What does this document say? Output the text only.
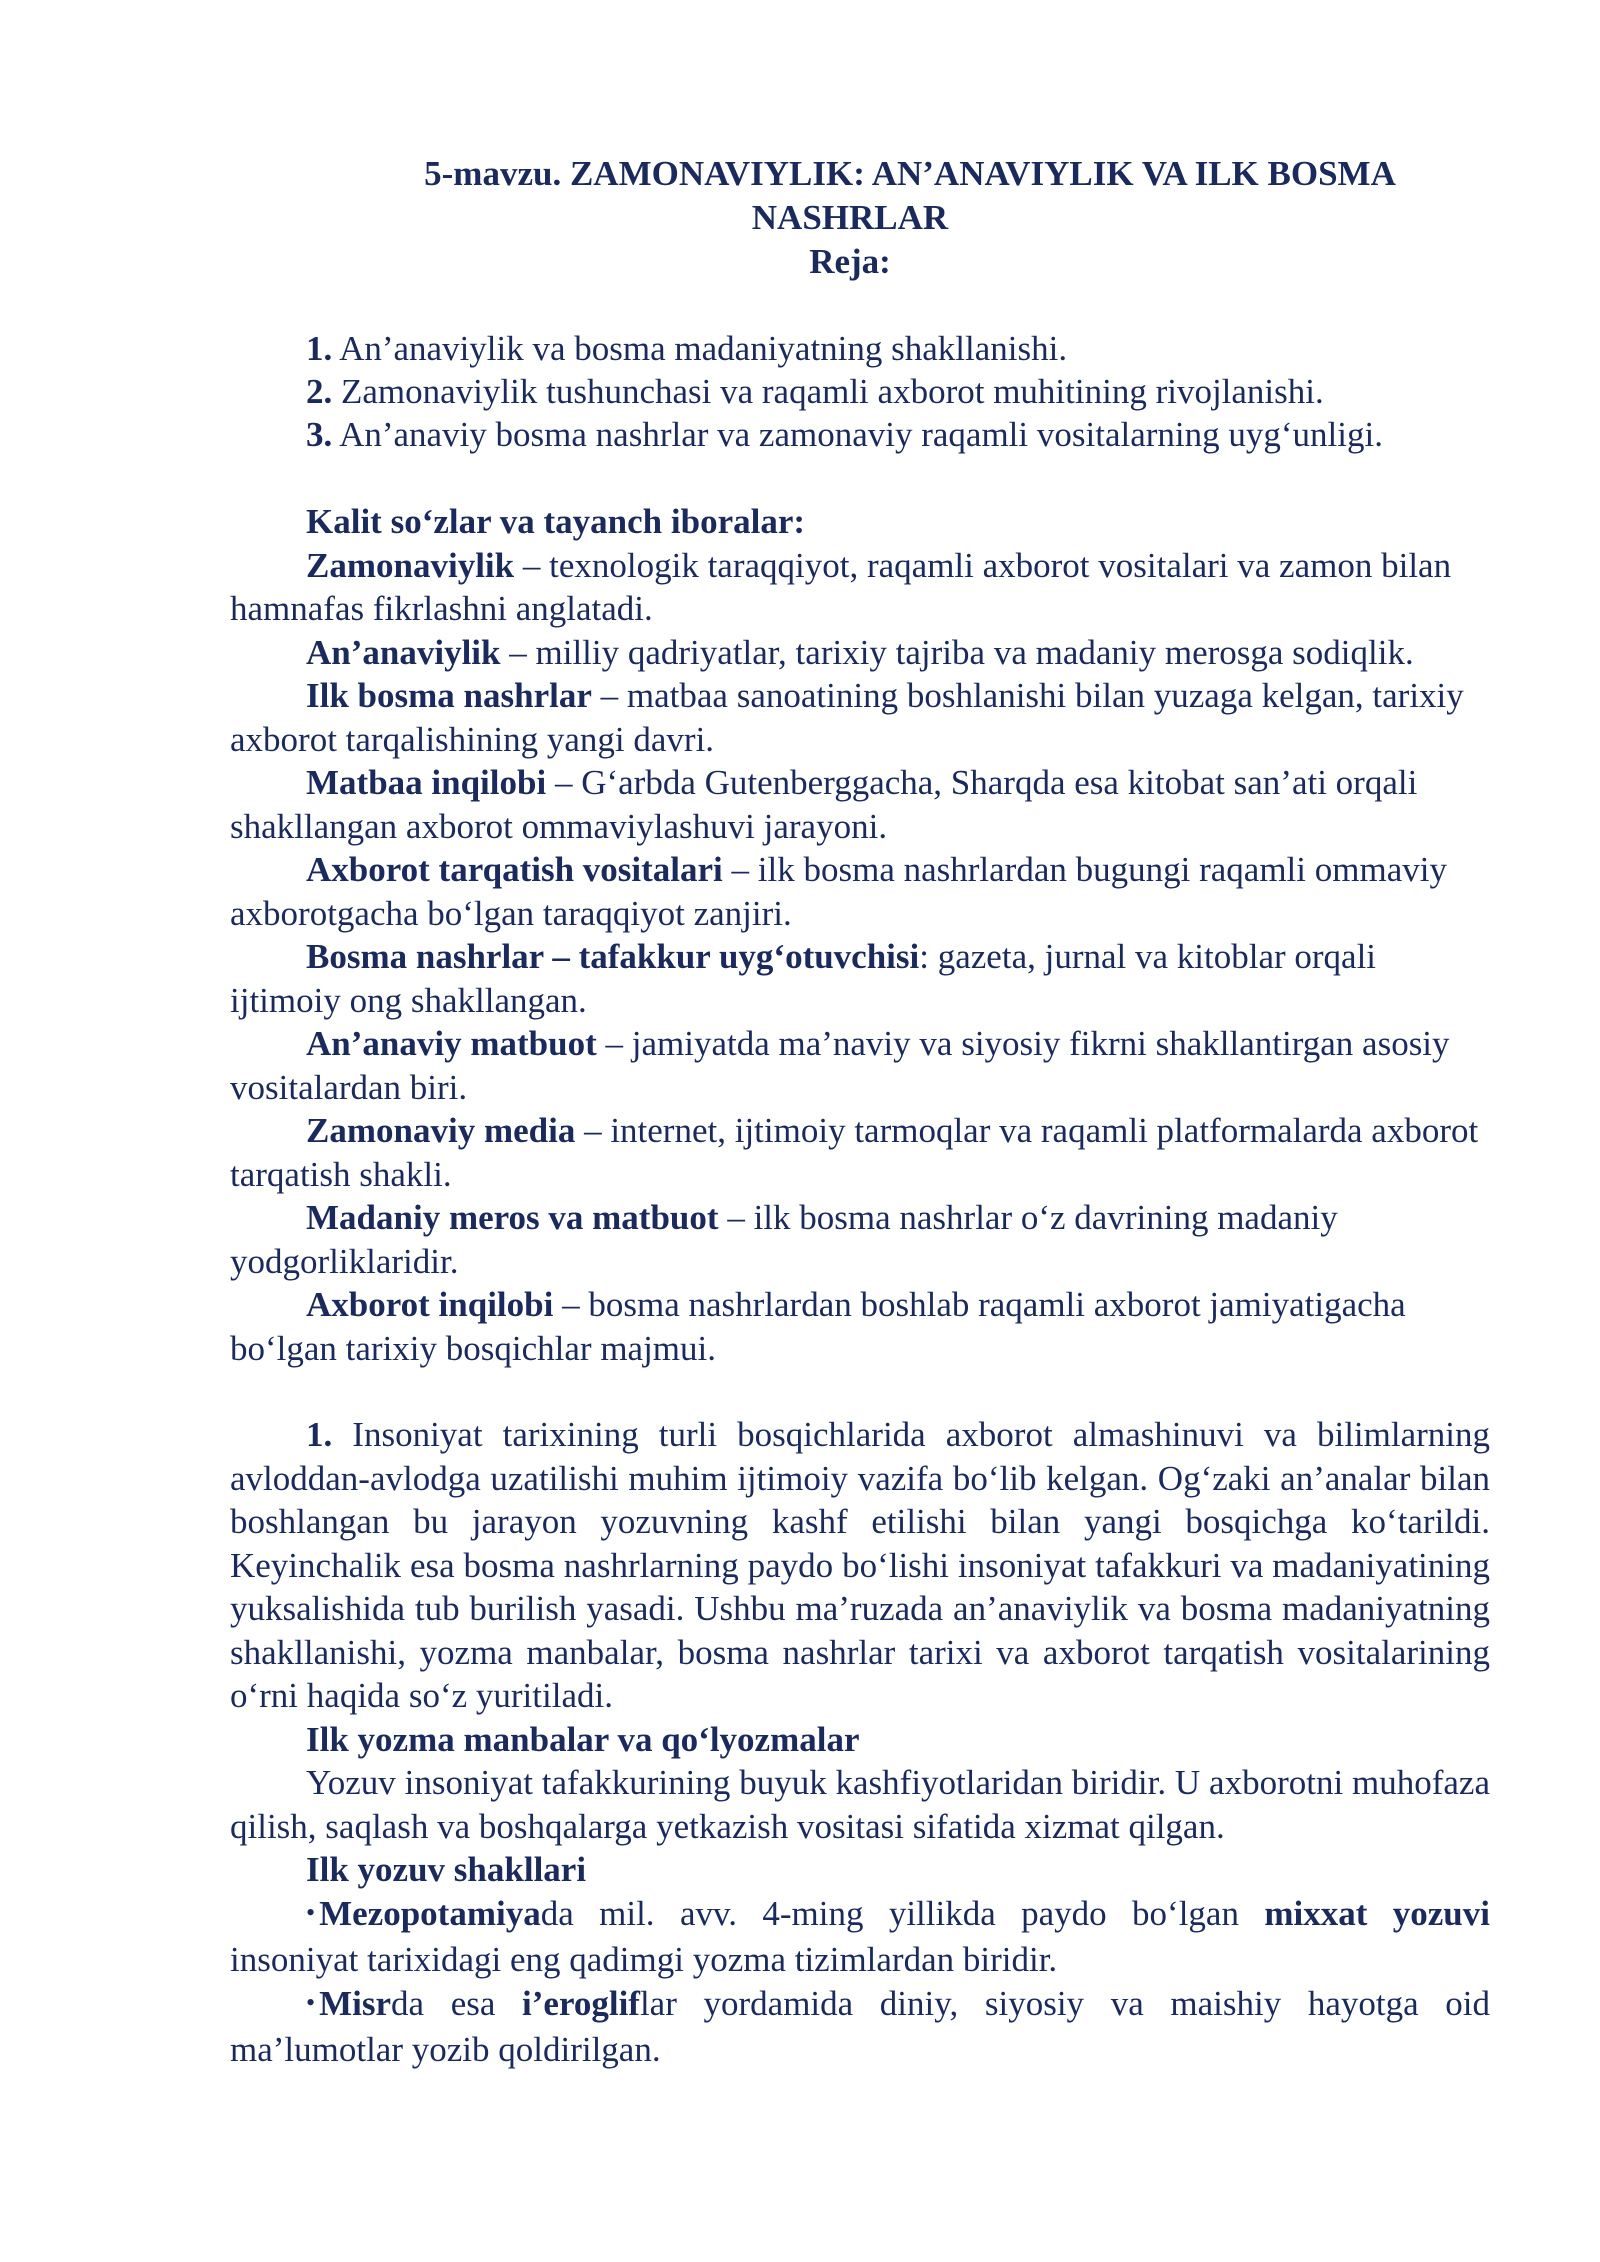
5-mavzu. ZAMONAVIYLIK: AN’ANAVIYLIK VA ILK BOSMA
NASHRLAR
Reja:
1. An’anaviylik va bosma madaniyatning shakllanishi.
2. Zamonaviylik tushunchasi va raqamli axborot muhitining rivojlanishi.
3. An’anaviy bosma nashrlar va zamonaviy raqamli vositalarning uyg‘unligi.

Kalit so‘zlar va tayanch iboralar:

Zamonaviylik – texnologik taraqqiyot, raqamli axborot vositalari va zamon bilan hamnafas fikrlashni anglatadi.

An’anaviylik – milliy qadriyatlar, tarixiy tajriba va madaniy merosga sodiqlik.

Ilk bosma nashrlar – matbaa sanoatining boshlanishi bilan yuzaga kelgan, tarixiy axborot tarqalishining yangi davri.

Matbaa inqilobi – G‘arbda Gutenberggacha, Sharqda esa kitobat san’ati orqali shakllangan axborot ommaviylashuvi jarayoni.

Axborot tarqatish vositalari – ilk bosma nashrlardan bugungi raqamli ommaviy axborotgacha bo‘lgan taraqqiyot zanjiri.

Bosma nashrlar – tafakkur uyg‘otuvchisi: gazeta, jurnal va kitoblar orqali ijtimoiy ong shakllangan.

An’anaviy matbuot – jamiyatda ma’naviy va siyosiy fikrni shakllantirgan asosiy vositalardan biri.

Zamonaviy media – internet, ijtimoiy tarmoqlar va raqamli platformalarda axborot tarqatish shakli.

Madaniy meros va matbuot – ilk bosma nashrlar o‘z davrining madaniy yodgorliklaridir.

Axborot inqilobi – bosma nashrlardan boshlab raqamli axborot jamiyatigacha bo‘lgan tarixiy bosqichlar majmui.

1. Insoniyat tarixining turli bosqichlarida axborot almashinuvi va bilimlarning avloddan-avlodga uzatilishi muhim ijtimoiy vazifa bo‘lib kelgan. Og‘zaki an’analar bilan boshlangan bu jarayon yozuvning kashf etilishi bilan yangi bosqichga ko‘tarildi. Keyinchalik esa bosma nashrlarning paydo bo‘lishi insoniyat tafakkuri va madaniyatining yuksalishida tub burilish yasadi. Ushbu ma’ruzada an’anaviylik va bosma madaniyatning shakllanishi, yozma manbalar, bosma nashrlar tarixi va axborot tarqatish vositalarining o‘rni haqida so‘z yuritiladi.

Ilk yozma manbalar va qo‘lyozmalar

Yozuv insoniyat tafakkurining buyuk kashfiyotlaridan biridir. U axborotni muhofaza qilish, saqlash va boshqalarga yetkazish vositasi sifatida xizmat qilgan.

Ilk yozuv shakllari

• Mezopotamiyada mil. avv. 4-ming yillikda paydo bo‘lgan mixxat yozuvi insoniyat tarixidagi eng qadimgi yozma tizimlardan biridir.

• Misrda esa i’erogliflar yordamida diniy, siyosiy va maishiy hayotga oid ma’lumotlar yozib qoldirilgan.
